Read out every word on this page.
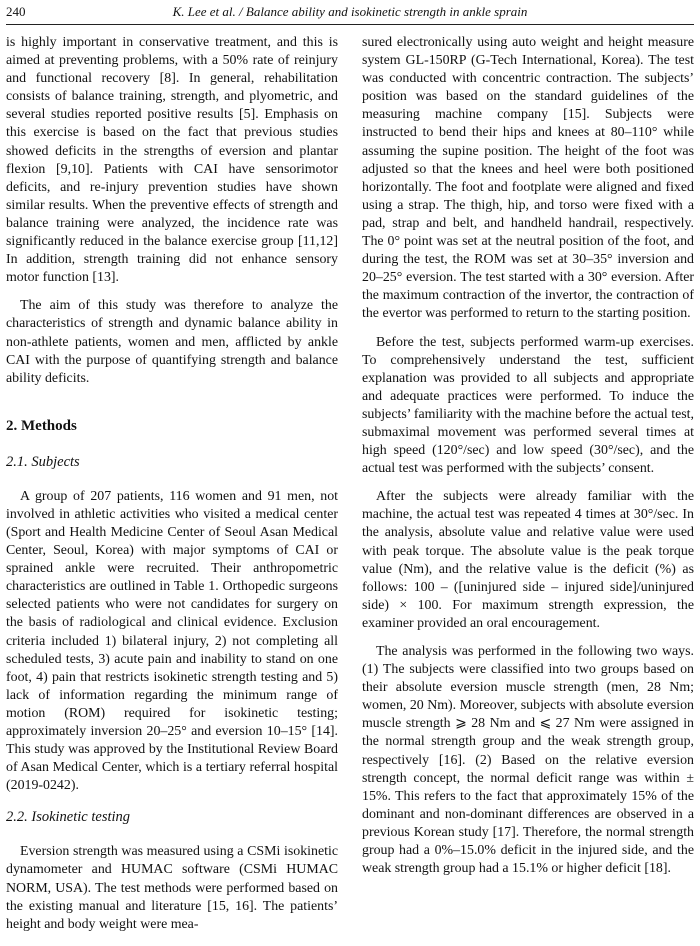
240	K. Lee et al. / Balance ability and isokinetic strength in ankle sprain

is highly important in conservative treatment, and this is aimed at preventing problems, with a 50% rate of reinjury and functional recovery [8]. In general, rehabilitation consists of balance training, strength, and plyometric, and several studies reported positive results [5]. Emphasis on this exercise is based on the fact that previous studies showed deficits in the strengths of eversion and plantar flexion [9,10]. Patients with CAI have sensorimotor deficits, and re-injury prevention studies have shown similar results. When the preventive effects of strength and balance training were analyzed, the incidence rate was significantly reduced in the balance exercise group [11,12] In addition, strength training did not enhance sensory motor function [13].

The aim of this study was therefore to analyze the characteristics of strength and dynamic balance ability in non-athlete patients, women and men, afflicted by ankle CAI with the purpose of quantifying strength and balance ability deficits.

2. Methods
2.1. Subjects

A group of 207 patients, 116 women and 91 men, not involved in athletic activities who visited a medical center (Sport and Health Medicine Center of Seoul Asan Medical Center, Seoul, Korea) with major symptoms of CAI or sprained ankle were recruited. Their anthropometric characteristics are outlined in Table 1. Orthopedic surgeons selected patients who were not candidates for surgery on the basis of radiological and clinical evidence. Exclusion criteria included 1) bilateral injury, 2) not completing all scheduled tests, 3) acute pain and inability to stand on one foot, 4) pain that restricts isokinetic strength testing and 5) lack of information regarding the minimum range of motion (ROM) required for isokinetic testing; approximately inversion 20–25° and eversion 10–15° [14]. This study was approved by the Institutional Review Board of Asan Medical Center, which is a tertiary referral hospital (2019-0242).

2.2. Isokinetic testing

Eversion strength was measured using a CSMi isokinetic dynamometer and HUMAC software (CSMi HUMAC NORM, USA). The test methods were performed based on the existing manual and literature [15, 16]. The patients’ height and body weight were mea-

sured electronically using auto weight and height measure system GL-150RP (G-Tech International, Korea). The test was conducted with concentric contraction. The subjects’ position was based on the standard guidelines of the measuring machine company [15]. Subjects were instructed to bend their hips and knees at 80–110° while assuming the supine position. The height of the foot was adjusted so that the knees and heel were both positioned horizontally. The foot and footplate were aligned and fixed using a strap. The thigh, hip, and torso were fixed with a pad, strap and belt, and handheld handrail, respectively. The 0° point was set at the neutral position of the foot, and during the test, the ROM was set at 30–35° inversion and 20–25° eversion. The test started with a 30° eversion. After the maximum contraction of the invertor, the contraction of the evertor was performed to return to the starting position.

Before the test, subjects performed warm-up exercises. To comprehensively understand the test, sufficient explanation was provided to all subjects and appropriate and adequate practices were performed. To induce the subjects’ familiarity with the machine before the actual test, submaximal movement was performed several times at high speed (120°/sec) and low speed (30°/sec), and the actual test was performed with the subjects’ consent.

After the subjects were already familiar with the machine, the actual test was repeated 4 times at 30°/sec. In the analysis, absolute value and relative value were used with peak torque. The absolute value is the peak torque value (Nm), and the relative value is the deficit (%) as follows: 100 – ([uninjured side – injured side]/uninjured side) × 100. For maximum strength expression, the examiner provided an oral encouragement.

The analysis was performed in the following two ways. (1) The subjects were classified into two groups based on their absolute eversion muscle strength (men, 28 Nm; women, 20 Nm). Moreover, subjects with absolute eversion muscle strength ⩾ 28 Nm and ⩽ 27 Nm were assigned in the normal strength group and the weak strength group, respectively [16]. (2) Based on the relative eversion strength concept, the normal deficit range was within ± 15%. This refers to the fact that approximately 15% of the dominant and non-dominant differences are observed in a previous Korean study [17]. Therefore, the normal strength group had a 0%–15.0% deficit in the injured side, and the weak strength group had a 15.1% or higher deficit [18].
